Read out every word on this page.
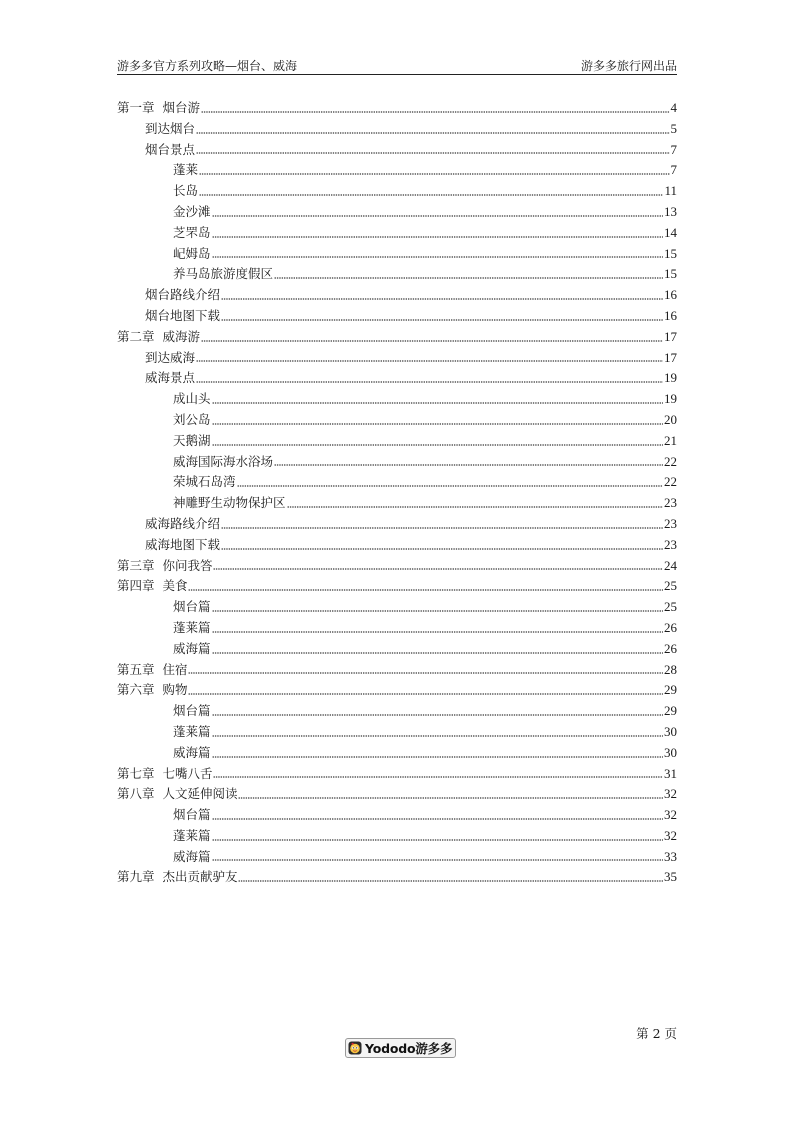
游多多官方系列攻略—烟台、威海	游多多旅行网出品
第一章  烟台游	4
到达烟台	5
烟台景点	7
蓬莱	7
长岛	11
金沙滩	13
芝罘岛	14
屺姆岛	15
养马岛旅游度假区	15
烟台路线介绍	16
烟台地图下载	16
第二章  威海游	17
到达威海	17
威海景点	19
成山头	19
刘公岛	20
天鹅湖	21
威海国际海水浴场	22
荣城石岛湾	22
神雕野生动物保护区	23
威海路线介绍	23
威海地图下载	23
第三章  你问我答	24
第四章  美食	25
烟台篇	25
蓬莱篇	26
威海篇	26
第五章  住宿	28
第六章  购物	29
烟台篇	29
蓬莱篇	30
威海篇	30
第七章  七嘴八舌	31
第八章  人文延伸阅读	32
烟台篇	32
蓬莱篇	32
威海篇	33
第九章  杰出贡献驴友	35
第 2 页
Yododo游多多
